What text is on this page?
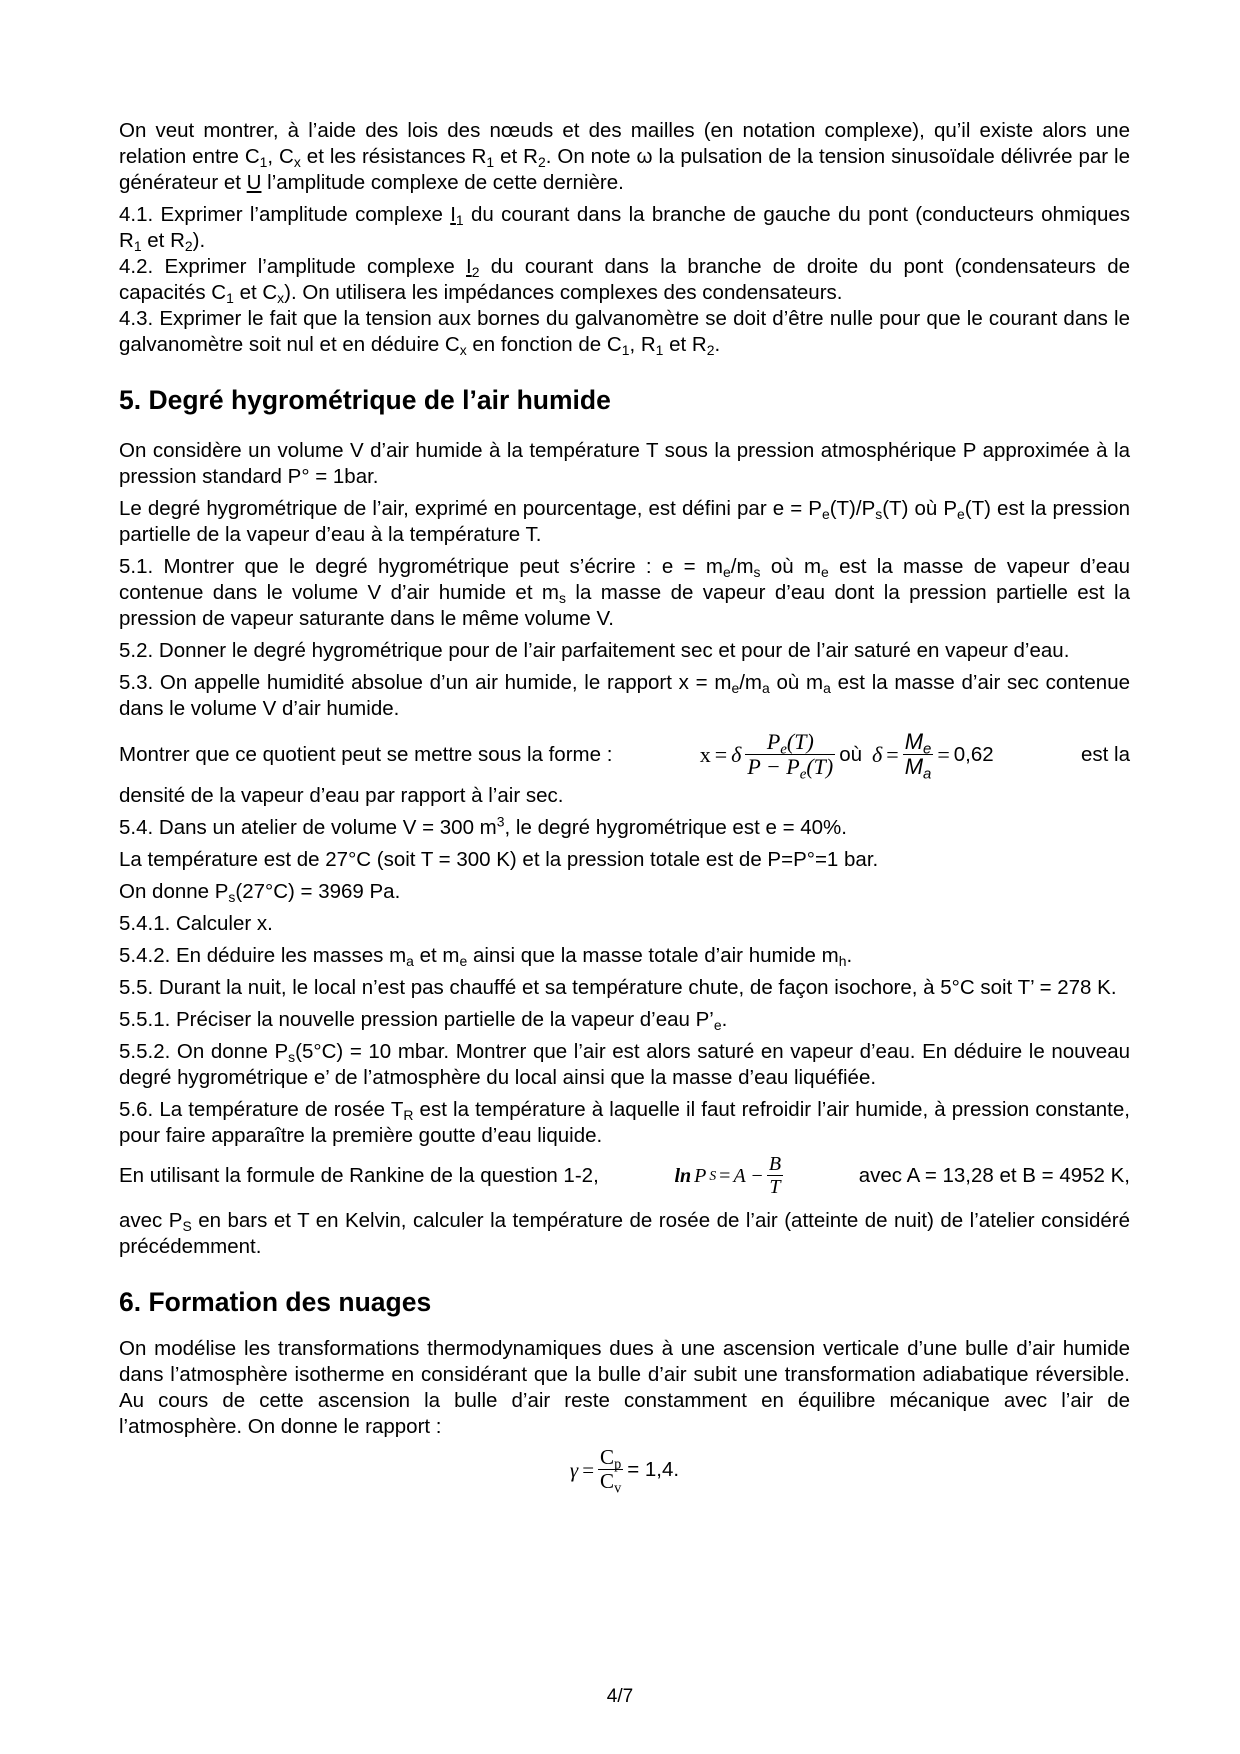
On veut montrer, à l’aide des lois des nœuds et des mailles (en notation complexe), qu’il existe alors une relation entre $C_1$, $C_x$ et les résistances $R_1$ et $R_2$. On note ω la pulsation de la tension sinusoïdale délivrée par le générateur et U l’amplitude complexe de cette dernière.

4.1. Exprimer l’amplitude complexe $I_1$ du courant dans la branche de gauche du pont (conducteurs ohmiques $R_1$ et $R_2$).

4.2. Exprimer l’amplitude complexe $I_2$ du courant dans la branche de droite du pont (condensateurs de capacités $C_1$ et $C_x$). On utilisera les impédances complexes des condensateurs.

4.3. Exprimer le fait que la tension aux bornes du galvanomètre se doit d’être nulle pour que le courant dans le galvanomètre soit nul et en déduire $C_x$ en fonction de $C_1$, $R_1$ et $R_2$.

5. Degré hygrométrique de l’air humide

On considère un volume V d’air humide à la température T sous la pression atmosphérique P approximée à la pression standard P° = 1bar.

Le degré hygrométrique de l’air, exprimé en pourcentage, est défini par $e = P_e(T)/P_s(T)$ où $P_e(T)$ est la pression partielle de la vapeur d’eau à la température T.

5.1. Montrer que le degré hygrométrique peut s’écrire : $e = m_e/m_s$ où $m_e$ est la masse de vapeur d’eau contenue dans le volume V d’air humide et $m_s$ la masse de vapeur d’eau dont la pression partielle est la pression de vapeur saturante dans le même volume V.

5.2. Donner le degré hygrométrique pour de l’air parfaitement sec et pour de l’air saturé en vapeur d’eau.

5.3. On appelle humidité absolue d’un air humide, le rapport $x = m_e/m_a$ où $m_a$ est la masse d’air sec contenue dans le volume V d’air humide.

Montrer que ce quotient peut se mettre sous la forme :	x = δ $\frac{P_e(T)}{P - P_e(T)}$ où $\delta = \frac{M_e}{M_a} = 0,62$	est la

densité de la vapeur d’eau par rapport à l’air sec.

5.4. Dans un atelier de volume V = 300 $m^3$, le degré hygrométrique est e = 40%.

La température est de 27°C (soit T = 300 K) et la pression totale est de P=P°=1 bar.

On donne $P_s(27^\circ C) = 3969$ Pa.

5.4.1. Calculer x.

5.4.2. En déduire les masses $m_a$ et $m_e$ ainsi que la masse totale d’air humide $m_h$.

5.5. Durant la nuit, le local n’est pas chauffé et sa température chute, de façon isochore, à 5°C soit T’ = 278 K.

5.5.1. Préciser la nouvelle pression partielle de la vapeur d’eau $P’_e$.

5.5.2. On donne $P_s(5^\circ C) = 10$ mbar. Montrer que l’air est alors saturé en vapeur d’eau. En déduire le nouveau degré hygrométrique e’ de l’atmosphère du local ainsi que la masse d’eau liquéfiée.

5.6. La température de rosée $T_R$ est la température à laquelle il faut refroidir l’air humide, à pression constante, pour faire apparaître la première goutte d’eau liquide.

En utilisant la formule de Rankine de la question 1-2,	ln P $S = A - \frac{B}{T}$	avec A = 13,28 et B = 4952 K,

avec $P_S$ en bars et T en Kelvin, calculer la température de rosée de l’air (atteinte de nuit) de l’atelier considéré précédemment.

6. Formation des nuages

On modélise les transformations thermodynamiques dues à une ascension verticale d’une bulle d’air humide dans l’atmosphère isotherme en considérant que la bulle d’air subit une transformation adiabatique réversible. Au cours de cette ascension la bulle d’air reste constamment en équilibre mécanique avec l’air de l’atmosphère. On donne le rapport :

$\gamma = \frac{C_p}{C_v} = 1,4$.
4/7
